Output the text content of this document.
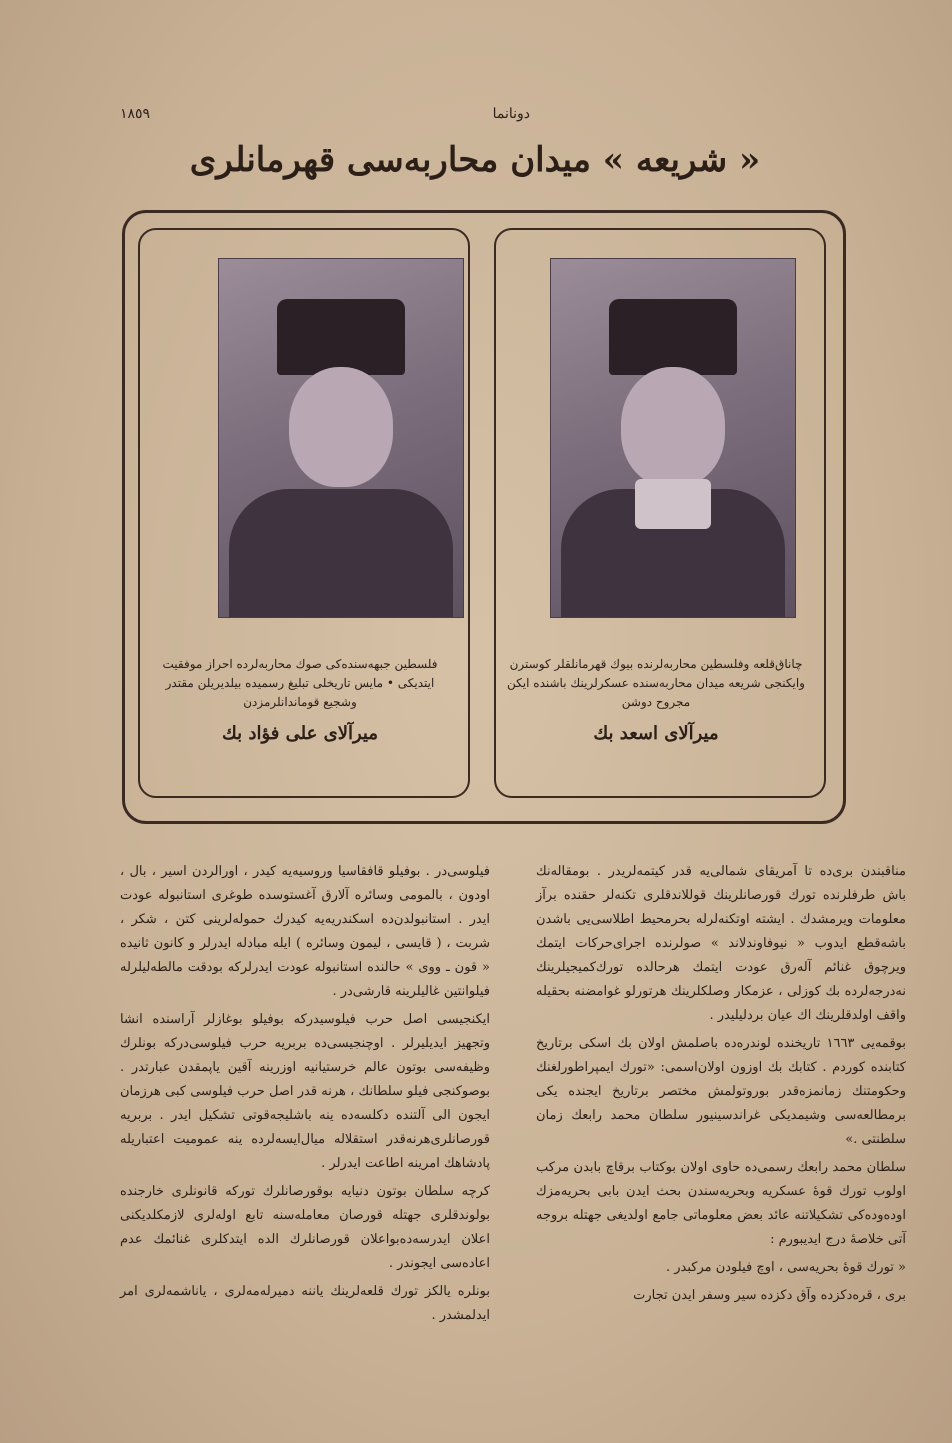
دونانما
١٨٥٩
« شریعه » میدان محاربه‌سی قهرمانلری
فلسطین جبهه‌سنده‌کی صوك محاربه‌لرده احراز موفقیت ایتدیکی • مایس تاریخلی تبلیغ رسمیده بیلدیریلن مقتدر وشجیع قوماندانلرمزدن
میرآلای علی فؤاد بك
چاناق‌قلعه وفلسطین محاربه‌لرنده بیوك قهرمانلقلر کوسترن وایکنجی شریعه میدان محاربه‌سنده عسکرلرینك باشنده ایکن مجروح دوشن
میرآلای اسعد بك

مناقبندن بری‌ده تا آمریقای شمالی‌یه قدر کیتمه‌لریدر . بومقاله‌نك باش طرفلرنده تورك قورصانلرینك قوللاندقلری تکنه‌لر حقنده برآز معلومات ویرمشدك . ایشته اوتکنه‌لرله بحرمحیط اطلاسی‌یی باشدن باشه‌قطع ایدوب « نیوفاوندلاند » صولرنده اجرای‌حرکات ایتمك ویرچوق غنائم آله‌رق عودت ایتمك هرحالده تورك‌کمیجیلرینك نه‌درجه‌لرده بك کوزلی ، عزمکار وصلکلرینك هرتورلو غوامضنه بحقیله واقف اولدقلرینك اك عیان بردلیلیدر .

بوقمه‌یی ١٦٦٣ تاریخنده لوندره‌ده باصلمش اولان بك اسکی برتاریخ کتابنده کوردم . کتابك بك اوزون اولان‌اسمی: «تورك ایمپراطورلغنك وحکومتنك زمانمزه‌قدر بوروتولمش مختصر برتاریخ ایجنده یکی برمطالعه‌سی وشیمدیکی غراندسینیور سلطان محمد رابعك زمان سلطنتی .»

سلطان محمد رابعك رسمی‌ده حاوی اولان بوکتاب برقاچ بابدن مرکب اولوب تورك قوهٔ عسکریه وبحریه‌سندن بحث ایدن بابی بحریه‌مزك اوده‌وده‌کی تشکیلاتنه عائد بعض معلوماتی جامع اولدیغی جهتله بروجه آتی خلاصه‌ٔ درج ایدیبورم :

« تورك قوهٔ بحریه‌سی ، اوچ فیلودن مرکبدر .

بری ، قره‌دکزده وآق دکزده سیر وسفر ایدن تجارت

فیلوسی‌در . بوفیلو قافقاسیا وروسیه‌یه کیدر ، اورالردن اسیر ، بال ، اودون ، بالمومی وسائره آلارق آغستوسده طوغری استانبوله عودت ایدر . استانبولدن‌ده اسکندریه‌یه کیدرك حموله‌لرینی کتن ، شکر ، شربت ، ( قایسی ، لیمون وسائره ) ایله مبادله ایدرلر و کانون ثانیده « قون ـ ووی » حالنده استانبوله عودت ایدرلرکه بودقت مالطه‌لیلرله فیلوانتین غالیلرینه قارشی‌در .

ایکنجیسی اصل حرب فیلوسیدرکه بوفیلو بوغازلر آراسنده انشا وتجهیز ایدیلیرلر . اوچنجیسی‌ده بربریه حرب فیلوسی‌درکه بونلرك وظیفه‌سی بوتون عالم خرستیانیه اوزرینه آقین یاپمقدن عبارتدر . بوصوکنجی فیلو سلطانك ، هرنه قدر اصل حرب فیلوسی کبی هرزمان ایجون الی آلتنده دکلسه‌ده ینه باشلیجه‌قوتی تشکیل ایدر . بربریه قورصانلری‌هرنه‌قدر استقلاله میال‌ایسه‌لرده ینه عمومیت اعتباریله پادشاهك امرینه اطاعت ایدرلر .

کرچه سلطان بوتون دنیایه بوقورصانلرك تورکه قانونلری خارجنده بولوندقلری جهتله قورصان معامله‌سنه تابع اوله‌لری لازمکلدیکنی اعلان ایدرسه‌ده‌بواعلان قورصانلرك الده ایتدکلری غنائمك عدم اعاده‌سی ایجوندر .

بونلره یالکز تورك قلعه‌لرینك یاننه دمیرله‌مه‌لری ، یاناشمه‌لری امر ایدلمشدر .
